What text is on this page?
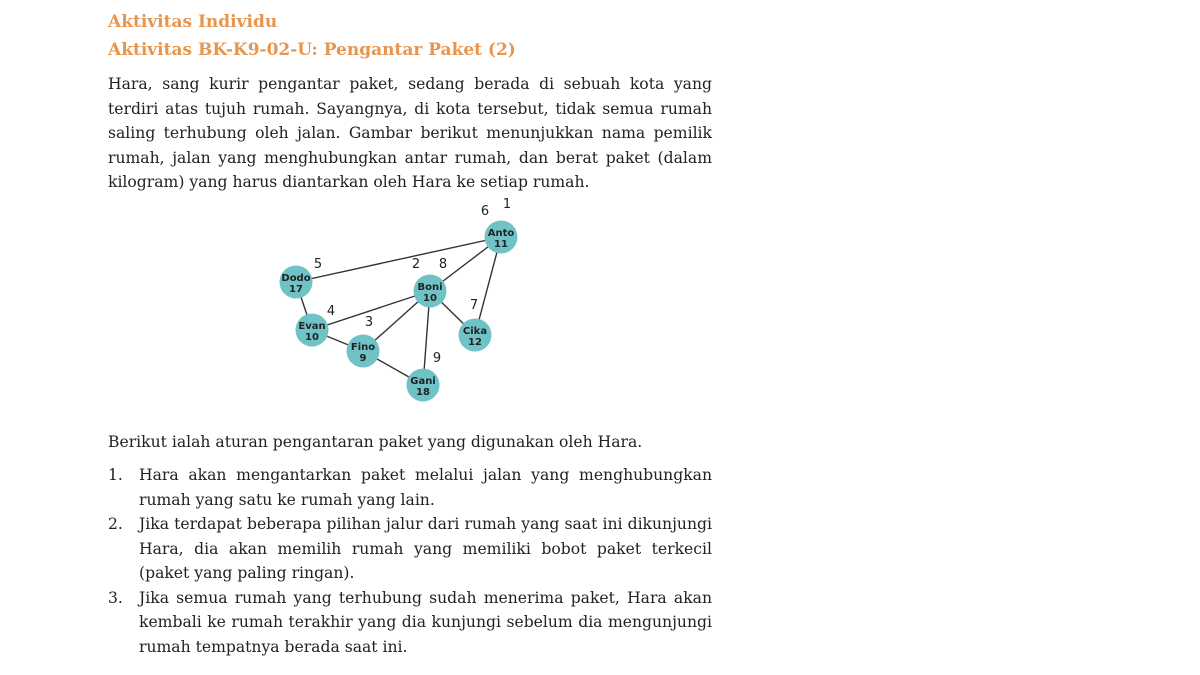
Aktivitas Individu
Aktivitas BK-K9-02-U: Pengantar Paket (2)

Hara, sang kurir pengantar paket, sedang berada di sebuah kota yang terdiri atas tujuh rumah. Sayangnya, di kota tersebut, tidak semua rumah saling terhubung oleh jalan. Gambar berikut menunjukkan nama pemilik rumah, jalan yang menghubungkan antar rumah, dan berat paket (dalam kilogram) yang harus diantarkan oleh Hara ke setiap rumah.

Anto
11
Dodo
17	Boni
10
Evan
10
Fino
9
Cika
12
Gani
18
6 1
5	2 8
4
3
7
9

Berikut ialah aturan pengantaran paket yang digunakan oleh Hara.

1. Hara akan mengantarkan paket melalui jalan yang menghubungkan rumah yang satu ke rumah yang lain.
2. Jika terdapat beberapa pilihan jalur dari rumah yang saat ini dikunjungi Hara, dia akan memilih rumah yang memiliki bobot paket terkecil (paket yang paling ringan).
3. Jika semua rumah yang terhubung sudah menerima paket, Hara akan kembali ke rumah terakhir yang dia kunjungi sebelum dia mengunjungi rumah tempatnya berada saat ini.
